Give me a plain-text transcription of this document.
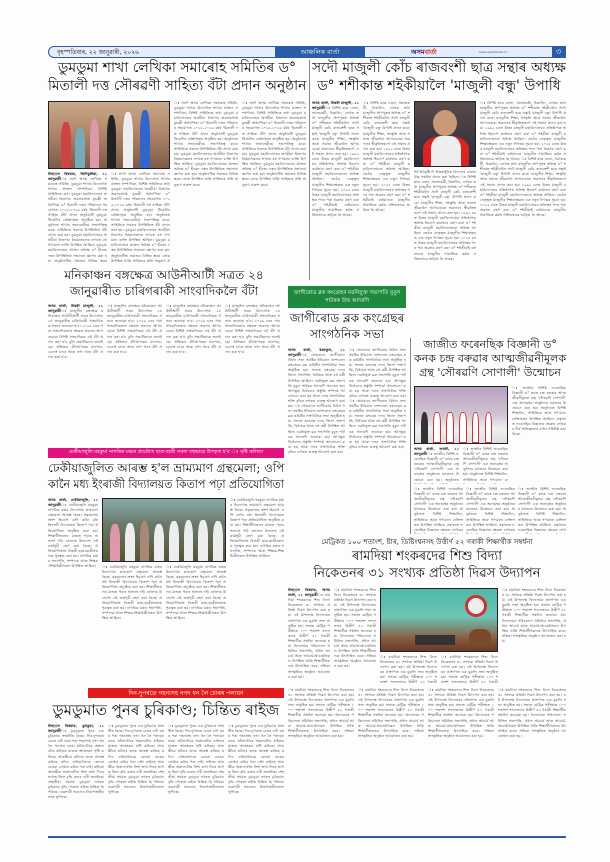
বৃহস্পতিবাৰ, ২২ জানুৱাৰী, ২০২৬	আঞ্চলিক বাৰ্তা	অসমবাৰ্তা	www.asambarta.in	৩
ডুমডুমা শাখা লেখিকা সমাৰোহ সমিতিৰ ড°
মিতালী দত্ত সৌৰৱণী সাহিত্য বঁটা প্ৰদান অনুষ্ঠান
উজ্জ্বল বিষয়াৰ, তিনিচুকীয়া, ২১ জানুৱাৰীঃ সদৌ অসম লেখিকা সমাৰোহ সমিতি, ডুমডুমা শাখাৰ উদ্যোগত শাখাৰ প্ৰাক্তন সম্পাদিকা, বিশিষ্ট সাহিত্যিক তথা ডুমডুমা মহাবিদ্যালয়ৰ অসমীয়া বিভাগৰ অৱসৰপ্ৰাপ্ত মুৰব্বী অধ্যাপিকা ড° মিতালী দত্তৰ পৰিয়ালৰ সহযোগত ২০২৫-২০২৬ বৰ্ষৰ 'মিতালী দত্ত সাহিত্য বঁটা' প্ৰদান অনুষ্ঠানটি ডুমডুমা থিয়েটাৰ প্ৰেক্ষাগৃহত অনুষ্ঠিত হয়। অনুষ্ঠানত শাখাৰ সভানেত্ৰীয়ে সভাপতিত্ব কৰে। সাহিত্যিক সকলৰ উপস্থিতিত বঁটা প্ৰদান কৰা হয়। ডুমডুমা মহাবিদ্যালয়ৰ অসমীয়া বিভাগৰ বিষয়াসকলৰ লগতে বহু গণ্যমান্য ব্যক্তি উপস্থিত আছিল। ডুমডুমা মহাবিদ্যালয়ৰ প্ৰাক্তন অধ্যক্ষ ড° হীৰেন দত্তৰ উপস্থিতিত সন্মাননা জ্ঞাপন কৰা হয়। অনুষ্ঠানটিত সমাজৰ বিভিন্ন স্তৰৰ
ঃ সদৌ অসম লেখিকা সমাৰোহ সমিতি, ডুমডুমা শাখাৰ উদ্যোগত শাখাৰ প্ৰাক্তন সম্পাদিকা, বিশিষ্ট সাহিত্যিক তথা ডুমডুমা মহাবিদ্যালয়ৰ অসমীয়া বিভাগৰ অৱসৰপ্ৰাপ্ত মুৰব্বী অধ্যাপিকা ড° মিতালী দত্তৰ পৰিয়ালৰ সহযোগত ২০২৫-২০২৬ বৰ্ষৰ 'মিতালী দত্ত সাহিত্য বঁটা' প্ৰদান অনুষ্ঠানটি ডুমডুমা থিয়েটাৰ প্ৰেক্ষাগৃহত অনুষ্ঠিত হয়। অনুষ্ঠানত শাখাৰ সভানেত্ৰীয়ে সভাপতিত্ব কৰে। সাহিত্যিক সকলৰ উপস্থিতিত বঁটা প্ৰদান কৰা হয়। ডুমডুমা মহাবিদ্যালয়ৰ অসমীয়া বিভাগৰ বিষয়াসকলৰ লগতে বহু গণ্যমান্য ব্যক্তি উপস্থিত আছিল। ডুমডুমা মহাবিদ্যালয়ৰ প্ৰাক্তন অধ্যক্ষ ড° হীৰেন দত্তৰ উপস্থিতিত সন্মাননা জ্ঞাপন কৰা হয়। অনুষ্ঠানটিত সমাজৰ বিভিন্ন স্তৰৰ লোক উপস্থিত থাকি সাহিত্যৰ প্ৰতি অনুৰাগ প্ৰ
ঃ সদৌ অসম লেখিকা সমাৰোহ সমিতি, ডুমডুমা শাখাৰ উদ্যোগত শাখাৰ প্ৰাক্তন সম্পাদিকা, বিশিষ্ট সাহিত্যিক তথা ডুমডুমা মহাবিদ্যালয়ৰ অসমীয়া বিভাগৰ অৱসৰপ্ৰাপ্ত মুৰব্বী অধ্যাপিকা ড° মিতালী দত্তৰ পৰিয়ালৰ সহযোগত ২০২৫-২০২৬ বৰ্ষৰ 'মিতালী দত্ত সাহিত্য বঁটা' প্ৰদান অনুষ্ঠানটি ডুমডুমা থিয়েটাৰ প্ৰেক্ষাগৃহত অনুষ্ঠিত হয়। অনুষ্ঠানত শাখাৰ সভানেত্ৰীয়ে সভাপতিত্ব কৰে। সাহিত্যিক সকলৰ উপস্থিতিত বঁটা প্ৰদান কৰা হয়। ডুমডুমা মহাবিদ্যালয়ৰ অসমীয়া বিভাগৰ বিষয়াসকলৰ লগতে বহু গণ্যমান্য ব্যক্তি উপস্থিত আছিল। ডুমডুমা মহাবিদ্যালয়ৰ প্ৰাক্তন অধ্যক্ষ ড° হীৰেন দত্তৰ উপস্থিতিত সন্মাননা জ্ঞাপন কৰা হয়। অনুষ্ঠানটিত সমাজৰ বিভিন্ন স্তৰৰ লোক উপস্থিত থাকি সাহিত্যৰ প্ৰতি অনুৰাগ প্ৰকাশ কৰে।
ঃ সদৌ অসম লেখিকা সমাৰোহ সমিতি, ডুমডুমা শাখাৰ উদ্যোগত শাখাৰ প্ৰাক্তন সম্পাদিকা, বিশিষ্ট সাহিত্যিক তথা ডুমডুমা মহাবিদ্যালয়ৰ অসমীয়া বিভাগৰ অৱসৰপ্ৰাপ্ত মুৰব্বী অধ্যাপিকা ড° মিতালী দত্তৰ পৰিয়ালৰ সহযোগত ২০২৫-২০২৬ বৰ্ষৰ 'মিতালী দত্ত সাহিত্য বঁটা' প্ৰদান অনুষ্ঠানটি ডুমডুমা থিয়েটাৰ প্ৰেক্ষাগৃহত অনুষ্ঠিত হয়। অনুষ্ঠানত শাখাৰ সভানেত্ৰীয়ে সভাপতিত্ব কৰে। সাহিত্যিক সকলৰ উপস্থিতিত বঁটা প্ৰদান কৰা হয়। ডুমডুমা মহাবিদ্যালয়ৰ অসমীয়া বিভাগৰ বিষয়াসকলৰ লগতে বহু গণ্যমান্য ব্যক্তি উপস্থিত আছিল। ডুমডুমা মহাবিদ্যালয়ৰ প্ৰাক্তন অধ্যক্ষ ড° হীৰেন দত্তৰ উপস্থিতিত সন্মাননা জ্ঞাপন কৰা হয়। অনুষ্ঠানটিত সমাজৰ বিভিন্ন স্তৰৰ লোক উপস্থিত থাকি সাহিত্যৰ প্ৰতি অনুৰাগ প্ৰকাশ কৰে।
সদৌ মাজুলী কোঁচ ৰাজবংশী ছাত্ৰ সন্থাৰ অধ্যক্ষ
ড° শশীকান্ত শইকীয়ালৈ 'মাজুলী বন্ধু' উপাধি
অসম বাৰ্তা, উত্তৰী মাজুলী, ২১ জানুৱাৰীঃ বিশিষ্ট ছাত্ৰ নেতা, সমাজকৰ্মী, চিন্তাবিদ, লেখক তথা মাজুলীৰ প্ৰাণপুৰুষ অধ্যক্ষ ড° শশীকান্ত শইকীয়ালৈ সদৌ মাজুলী কোঁচ ৰাজবংশী ছাত্ৰ সন্থাই 'মাজুলী বন্ধু' উপাধি প্ৰদান কৰে। মাজুলীৰ শিক্ষা, সংস্কৃতি আৰু সমাজ জীৱনলৈ আগবঢ়োৱা অৱদানৰ স্বীকৃতিস্বৰূপে এই সন্মান প্ৰদান কৰা হয়। ১৯৯২ চনত উত্তৰ মাজুলী মহাবিদ্যালয়ৰ প্ৰতিষ্ঠাপক অধ্যক্ষ হিচাপে কাৰ্যভাৰ গ্ৰহণ কৰা ড° শইকীয়া মাজুলী মহাবিদ্যালয়ৰো অধ্যক্ষ আছিল। তেওঁৰ নেতৃত্বত মাজুলীৰ শিক্ষাক্ষেত্ৰত এক নতুন দিগন্তৰ সূচনা হয়। ২০২৫ চনত উত্তৰ মাজুলী মহাবিদ্যালয়ৰ অধ্যক্ষৰ পদৰ পৰা অৱসৰ গ্ৰহণ কৰা ড° শইকীয়াই বৰ্তমানেও মাজুলীৰ সামাজিক কৰ্মত সক্ৰিয়ভাৱে জড়িত হৈ আছে।
ঃ বিশিষ্ট ছাত্ৰ নেতা, সমাজকৰ্মী, চিন্তাবিদ, লেখক তথা মাজুলীৰ প্ৰাণপুৰুষ অধ্যক্ষ ড° শশীকান্ত শইকীয়ালৈ সদৌ মাজুলী কোঁচ ৰাজবংশী ছাত্ৰ সন্থাই 'মাজুলী বন্ধু' উপাধি প্ৰদান কৰে। মাজুলীৰ শিক্ষা, সংস্কৃতি আৰু সমাজ জীৱনলৈ আগবঢ়োৱা অৱদানৰ স্বীকৃতিস্বৰূপে এই সন্মান প্ৰদান কৰা হয়। ১৯৯২ চনত উত্তৰ মাজুলী মহাবিদ্যালয়ৰ প্ৰতিষ্ঠাপক অধ্যক্ষ হিচাপে কাৰ্যভাৰ গ্ৰহণ কৰা ড° শইকীয়া মাজুলী মহাবিদ্যালয়ৰো অধ্যক্ষ আছিল। তেওঁৰ নেতৃত্বত মাজুলীৰ শিক্ষাক্ষেত্ৰত এক নতুন দিগন্তৰ সূচনা হয়। ২০২৫ চনত উত্তৰ মাজুলী মহাবিদ্যালয়ৰ অধ্যক্ষৰ পদৰ পৰা অৱসৰ গ্ৰহণ কৰা ড° শইকীয়াই বৰ্তমানেও মাজুলীৰ সামাজিক কৰ্মত সক্ৰিয়ভাৱে জড়িত হৈ আছে।
ধৰ্ম উৎকৃষ্টি দি উত্তৰাধুনিক বিদ্যালয় সেৱাৰ উচ্চ সম্বৰ্ধনা প্ৰদান কৰা হৈছিল। ঃ বিশিষ্ট ছাত্ৰ নেতা, সমাজকৰ্মী, চিন্তাবিদ, লেখক তথা মাজুলীৰ প্ৰাণপুৰুষ অধ্যক্ষ ড° শশীকান্ত শইকীয়ালৈ সদৌ মাজুলী কোঁচ ৰাজবংশী ছাত্ৰ সন্থাই 'মাজুলী বন্ধু' উপাধি প্ৰদান কৰে। মাজুলীৰ শিক্ষা, সংস্কৃতি আৰু সমাজ জীৱনলৈ আগবঢ়োৱা অৱদানৰ স্বীকৃতিস্বৰূপে এই সন্মান প্ৰদান কৰা হয়। ১৯৯২ চনত উত্তৰ মাজুলী মহাবিদ্যালয়ৰ প্ৰতিষ্ঠাপক অধ্যক্ষ হিচাপে কাৰ্যভাৰ গ্ৰহণ কৰা ড° শইকীয়া মাজুলী মহাবিদ্যালয়ৰো অধ্যক্ষ আছিল। তেওঁৰ নেতৃত্বত মাজুলীৰ শিক্ষাক্ষেত্ৰত এক নতুন দিগন্তৰ সূচনা হয়। ২০২৫ চনত উত্তৰ মাজুলী মহাবিদ্যালয়ৰ অধ্যক্ষৰ পদৰ পৰা অৱসৰ গ্ৰহণ কৰা ড° শইকীয়াই বৰ্তমানেও মাজুলীৰ সামাজিক কৰ্মত সক্ৰিয়ভাৱে জড়িত হৈ আছে।
ঃ বিশিষ্ট ছাত্ৰ নেতা, সমাজকৰ্মী, চিন্তাবিদ, লেখক তথা মাজুলীৰ প্ৰাণপুৰুষ অধ্যক্ষ ড° শশীকান্ত শইকীয়ালৈ সদৌ মাজুলী কোঁচ ৰাজবংশী ছাত্ৰ সন্থাই 'মাজুলী বন্ধু' উপাধি প্ৰদান কৰে। মাজুলীৰ শিক্ষা, সংস্কৃতি আৰু সমাজ জীৱনলৈ আগবঢ়োৱা অৱদানৰ স্বীকৃতিস্বৰূপে এই সন্মান প্ৰদান কৰা হয়। ১৯৯২ চনত উত্তৰ মাজুলী মহাবিদ্যালয়ৰ প্ৰতিষ্ঠাপক অধ্যক্ষ হিচাপে কাৰ্যভাৰ গ্ৰহণ কৰা ড° শইকীয়া মাজুলী মহাবিদ্যালয়ৰো অধ্যক্ষ আছিল। তেওঁৰ নেতৃত্বত মাজুলীৰ শিক্ষাক্ষেত্ৰত এক নতুন দিগন্তৰ সূচনা হয়। ২০২৫ চনত উত্তৰ মাজুলী মহাবিদ্যালয়ৰ অধ্যক্ষৰ পদৰ পৰা অৱসৰ গ্ৰহণ কৰা ড° শইকীয়াই বৰ্তমানেও মাজুলীৰ সামাজিক কৰ্মত সক্ৰিয়ভাৱে জড়িত হৈ আছে। ঃ বিশিষ্ট ছাত্ৰ নেতা, সমাজকৰ্মী, চিন্তাবিদ, লেখক তথা মাজুলীৰ প্ৰাণপুৰুষ অধ্যক্ষ ড° শশীকান্ত শইকীয়ালৈ সদৌ মাজুলী কোঁচ ৰাজবংশী ছাত্ৰ সন্থাই 'মাজুলী বন্ধু' উপাধি প্ৰদান কৰে। মাজুলীৰ শিক্ষা, সংস্কৃতি আৰু সমাজ জীৱনলৈ আগবঢ়োৱা অৱদানৰ স্বীকৃতিস্বৰূপে এই সন্মান প্ৰদান কৰা হয়। ১৯৯২ চনত উত্তৰ মাজুলী মহাবিদ্যালয়ৰ প্ৰতিষ্ঠাপক অধ্যক্ষ হিচাপে কাৰ্যভাৰ গ্ৰহণ কৰা ড° শইকীয়া মাজুলী মহাবিদ্যালয়ৰো অধ্যক্ষ আছিল। তেওঁৰ নেতৃত্বত মাজুলীৰ শিক্ষাক্ষেত্ৰত এক নতুন দিগন্তৰ সূচনা হয়। ২০২৫ চনত উত্তৰ মাজুলী মহাবিদ্যালয়ৰ অধ্যক্ষৰ পদৰ পৰা অৱসৰ গ্ৰহণ কৰা ড° শইকীয়াই বৰ্তমানেও মাজুলীৰ সামাজিক কৰ্মত সক্ৰিয়ভাৱে জড়িত হৈ আছে।
মনিকাঞ্চন বঙ্গক্ষেত্ৰ আউনীআটী সত্ৰত ২৪
জানুৱাৰীত চাৰিগৰাকী সাংবাদিকলৈ বঁটা
অসম বাৰ্তা, উত্তৰী মাজুলী, ২১ জানুৱাৰীঃ মাজুলীৰ বঙ্গক্ষেত্ৰ মনিকাঞ্চন আউনীআটী সত্ৰৰ উদ্যোগত ২৪ জানুৱাৰীত চাৰিগৰাকী সাংবাদিকক সন্মান জনোৱা হ'ব। ২০২৬ চনৰ পৰা সাংবাদিকতাৰ ক্ষেত্ৰত অৱদান আগবঢ়োৱা বিশিষ্ট সাংবাদিকক এই বঁটা প্ৰদান কৰা হ'ব বুলি সত্ৰাধিকাৰে জনাইছে। প্ৰতিজন বঁটাপ্ৰাপকক মানপত্ৰ, চেলেং চাদৰ আৰু নগদ ধনৰ বঁটা প্ৰদান কৰা হ'ব।
ঃ মাজুলীৰ বঙ্গক্ষেত্ৰ মনিকাঞ্চন আউনীআটী সত্ৰৰ উদ্যোগত ২৪ জানুৱাৰীত চাৰিগৰাকী সাংবাদিকক সন্মান জনোৱা হ'ব। ২০২৬ চনৰ পৰা সাংবাদিকতাৰ ক্ষেত্ৰত অৱদান আগবঢ়োৱা বিশিষ্ট সাংবাদিকক এই বঁটা প্ৰদান কৰা হ'ব বুলি সত্ৰাধিকাৰে জনাইছে। প্ৰতিজন বঁটাপ্ৰাপকক মানপত্ৰ, চেলেং চাদৰ আৰু নগদ ধনৰ বঁটা প্ৰদান কৰা হ'ব।
ঃ মাজুলীৰ বঙ্গক্ষেত্ৰ মনিকাঞ্চন আউনীআটী সত্ৰৰ উদ্যোগত ২৪ জানুৱাৰীত চাৰিগৰাকী সাংবাদিকক সন্মান জনোৱা হ'ব। ২০২৬ চনৰ পৰা সাংবাদিকতাৰ ক্ষেত্ৰত অৱদান আগবঢ়োৱা বিশিষ্ট সাংবাদিকক এই বঁটা প্ৰদান কৰা হ'ব বুলি সত্ৰাধিকাৰে জনাইছে। প্ৰতিজন বঁটাপ্ৰাপকক মানপত্ৰ, চেলেং চাদৰ আৰু নগদ ধনৰ বঁটা প্ৰদান কৰা হ'ব।
ঃ মাজুলীৰ বঙ্গক্ষেত্ৰ মনিকাঞ্চন আউনীআটী সত্ৰৰ উদ্যোগত ২৪ জানুৱাৰীত চাৰিগৰাকী সাংবাদিকক সন্মান জনোৱা হ'ব। ২০২৬ চনৰ পৰা সাংবাদিকতাৰ ক্ষেত্ৰত অৱদান আগবঢ়োৱা বিশিষ্ট সাংবাদিকক এই বঁটা প্ৰদান কৰা হ'ব বুলি সত্ৰাধিকাৰে জনাইছে। প্ৰতিজন বঁটাপ্ৰাপকক মানপত্ৰ, চেলেং চাদৰ আৰু নগদ ধনৰ বঁটা প্ৰদান কৰা হ'ব।
জাগীৰোড ব্লক কংগ্ৰেছৰ নৱনিযুক্ত সভাপতি বুবুল পাটৰক উষ্ম আদৰণি
জাগীৰোড ব্লক কংগ্ৰেছৰ
সাংগঠনিক সভা
অসম বাৰ্তা, ধৰমতুল, ২১ জানুৱাৰীঃ সোমবাৰে জাগীৰোড বিধান সভা সমষ্টিৰ ইণ্ডিয়ান ন্যাশ্যনেল কংগ্ৰেছৰ ব্লক কমিটিৰ সাংগঠনিক সভা অনুষ্ঠিত হয়। সভাত কংগ্ৰেছ দলৰ জিলা সভাপতি, বিধায়ক আৰু বহু কৰ্মী উপস্থিত আছিল। নৱনিযুক্ত ব্লক সভাপতি বুবুল পাটৰক আদৰণি জনোৱা হয়। আগন্তুক নিৰ্বাচনৰ প্ৰস্তুতি সম্পৰ্কে আলোচনা কৰা হয় আৰু দলৰ সাংগঠনিক শক্তি বৃদ্ধিৰ ওপৰত গুৰুত্ব আৰোপ কৰা হয়। ঃ সোমবাৰে জাগীৰোড বিধান সভা সমষ্টিৰ ইণ্ডিয়ান ন্যাশ্যনেল কংগ্ৰেছৰ ব্লক কমিটিৰ সাংগঠনিক সভা অনুষ্ঠিত হয়। সভাত কংগ্ৰেছ দলৰ জিলা সভাপতি, বিধায়ক আৰু বহু কৰ্মী উপস্থিত আছিল। নৱনিযুক্ত ব্লক সভাপতি বুবুল পাটৰক আদৰণি জনোৱা হয়। আগন্তুক নিৰ্বাচনৰ প্ৰস্তুতি সম্পৰ্কে আলোচনা কৰা হয় আৰু দলৰ সাংগঠনিক শক্তি বৃদ্ধিৰ ওপৰত গুৰুত্ব আৰোপ কৰা হয়।
ঃ সোমবাৰে জাগীৰোড বিধান সভা সমষ্টিৰ ইণ্ডিয়ান ন্যাশ্যনেল কংগ্ৰেছৰ ব্লক কমিটিৰ সাংগঠনিক সভা অনুষ্ঠিত হয়। সভাত কংগ্ৰেছ দলৰ জিলা সভাপতি, বিধায়ক আৰু বহু কৰ্মী উপস্থিত আছিল। নৱনিযুক্ত ব্লক সভাপতি বুবুল পাটৰক আদৰণি জনোৱা হয়। আগন্তুক নিৰ্বাচনৰ প্ৰস্তুতি সম্পৰ্কে আলোচনা কৰা হয় আৰু দলৰ সাংগঠনিক শক্তি বৃদ্ধিৰ ওপৰত গুৰুত্ব আৰোপ কৰা হয়। ঃ সোমবাৰে জাগীৰোড বিধান সভা সমষ্টিৰ ইণ্ডিয়ান ন্যাশ্যনেল কংগ্ৰেছৰ ব্লক কমিটিৰ সাংগঠনিক সভা অনুষ্ঠিত হয়। সভাত কংগ্ৰেছ দলৰ জিলা সভাপতি, বিধায়ক আৰু বহু কৰ্মী উপস্থিত আছিল। নৱনিযুক্ত ব্লক সভাপতি বুবুল পাটৰক আদৰণি জনোৱা হয়। আগন্তুক নিৰ্বাচনৰ প্ৰস্তুতি সম্পৰ্কে আলোচনা কৰা হয় আৰু দলৰ সাংগঠনিক শক্তি বৃদ্ধিৰ ওপৰত গুৰুত্ব আৰোপ কৰা হয়।
জাজীত ফৰেনছিক বিজ্ঞানী ড°
কনক চন্দ্ৰ বৰুৱাৰ আত্মজীৱনীমূলক
গ্ৰন্থ 'সৌৰৱণি সোণালী' উন্মোচন
ঃ জাজীৰ বিশিষ্ট ফৰেনছিক বিজ্ঞানী ড° কনক চন্দ্ৰ বৰুৱাৰ আত্মজীৱনীমূলক গ্ৰন্থ 'সৌৰৱণি সোণালী' এক অনাড়ম্বৰ অনুষ্ঠানৰ মাজেৰে উন্মোচন কৰা হয়। অনুষ্ঠানত বিশিষ্ট শিক্ষাবিদ, সাহিত্যিক আৰু গণ্যমান্য ব্যক্তিসকল উপস্থিত আছিল। গ্ৰন্থখনত ফৰেনছিক বিজ্ঞানৰ ক্ষেত্ৰত লেখকৰ দীৰ্ঘ অভিজ্ঞতাৰ বৰ্ণনা সন্নিবিষ্ট কৰা হৈছে।
অসম বাৰ্তা, জাজী, ২১ জানুৱাৰীঃ জাজীৰ বিশিষ্ট ফৰেনছিক বিজ্ঞানী ড° কনক চন্দ্ৰ বৰুৱাৰ আত্মজীৱনীমূলক গ্ৰন্থ 'সৌৰৱণি সোণালী' এক অনাড়ম্বৰ অনুষ্ঠানৰ মাজেৰে উন্মোচন কৰা হয়। অনুষ্ঠানত
ঃ জাজীৰ বিশিষ্ট ফৰেনছিক বিজ্ঞানী ড° কনক চন্দ্ৰ বৰুৱাৰ আত্মজীৱনীমূলক গ্ৰন্থ 'সৌৰৱণি সোণালী' এক অনাড়ম্বৰ অনুষ্ঠানৰ মাজেৰে উন্মোচন কৰা হয়। অনুষ্ঠানত বিশিষ্ট শিক্ষাবিদ, সাহিত্যিক আৰু গণ্যমান্য ব্য
ঃ জাজীৰ বিশিষ্ট ফৰেনছিক বিজ্ঞানী ড° কনক চন্দ্ৰ বৰুৱাৰ আত্মজীৱনীমূলক গ্ৰন্থ 'সৌৰৱণি সোণালী' এক অনাড়ম্বৰ অনুষ্ঠানৰ মাজেৰে উন্মোচন কৰা হয়। অনুষ্ঠানত বিশিষ্ট শিক্ষাবিদ, সাহিত্যিক আৰু গণ্যমান্য ব্যক্তিসকল উপস্থিত আছিল। গ্ৰন্থখনত ফৰেনছিক বিজ্ঞানৰ ক্ষেত্ৰত লেখকৰ
ঃ জাজীৰ বিশিষ্ট ফৰেনছিক বিজ্ঞানী ড° কনক চন্দ্ৰ বৰুৱাৰ আত্মজীৱনীমূলক গ্ৰন্থ 'সৌৰৱণি সোণালী' এক অনাড়ম্বৰ অনুষ্ঠানৰ মাজেৰে উন্মোচন কৰা হয়। অনুষ্ঠানত বিশিষ্ট শিক্ষাবিদ, সাহিত্যিক আৰু গণ্যমান্য ব্যক্তিসকল উপস্থিত আছিল। গ্ৰন্থখনত ফৰেনছিক বিজ্ঞানৰ ক্ষেত্ৰত লেখকৰ
ঃ জাজীৰ বিশিষ্ট ফৰেনছিক বিজ্ঞানী ড° কনক চন্দ্ৰ বৰুৱাৰ আত্মজীৱনীমূলক গ্ৰন্থ 'সৌৰৱণি সোণালী' এক অনাড়ম্বৰ অনুষ্ঠানৰ মাজেৰে উন্মোচন কৰা হয়। অনুষ্ঠানত বিশিষ্ট শিক্ষাবিদ, সাহিত্যিক আৰু গণ্যমান্য ব্যক্তিসকল উপস্থিত আছিল। গ্ৰন্থখনত ফৰেনছিক বিজ্ঞানৰ ক্ষেত্ৰত লেখ
ঢেকীয়াজুলি মহকুমা নাগৰিক মঞ্চৰ প্ৰচেষ্টাত ছাত্ৰ-ছাত্ৰী সকল বহুভাৱে উপকৃত হ'ব ঃ সৃষ্টি কলিতা
ঢেকীয়াজুলিত আৰম্ভ হ'ল ভ্ৰাম্যমাণ গ্ৰন্থমেলা; ওপি
কানৈ মধ্য ইংৰাজী বিদ্যালয়ত কিতাপ পঢ়া প্ৰতিযোগিতা
অসম বাৰ্তা, ঢেকীয়াজুলি, ২১ জানুৱাৰীঃ ঢেকীয়াজুলি মহকুমা নাগৰিক মঞ্চৰ উদ্যোগত ভ্ৰাম্যমাণ গ্ৰন্থমেলা আৰম্ভ হৈছে। গ্ৰন্থমেলাৰ অংশ হিচাপে ওপি কানৈ মধ্য ইংৰাজী বিদ্যালয়ত কিতাপ পঢ়া প্ৰতিযোগিতা অনুষ্ঠিত কৰা হয়। শিক্ষাৰ্থীসকলৰ মাজত পঢ়াৰ অভ্যাস গঢ়ি তোলাৰ উদ্দেশ্যে এই কাৰ্যসূচী গ্ৰহণ কৰা হৈছে। প্ৰতিযোগিতাত বিজয়ী ছাত্ৰ-ছাত্ৰীসকলক পুৰস্কৃত কৰা হয়। নাগৰিক মঞ্চৰ সভাপতি, সম্পাদক আৰু শিক্ষক-শিক্ষয়িত্ৰীসকল উপস্থিত আছিল।	ঃ ঢেকীয়াজুলি মহকুমা নাগৰিক মঞ্চৰ উদ্যোগত ভ্ৰাম্যমাণ গ্ৰন্থমেলা আৰম্ভ হৈছে। গ্ৰন্থমেলাৰ অংশ হিচাপে ওপি কানৈ মধ্য ইংৰাজী বিদ্যালয়ত কিতাপ পঢ়া প্ৰতিযোগিতা অনুষ্ঠিত কৰা হয়। শিক্ষাৰ্থীসকলৰ মাজত পঢ়াৰ অভ্যাস গঢ়ি তোলাৰ উদ্দেশ্যে এই কাৰ্যসূচী গ্ৰহণ কৰা হৈছে। প্ৰতিযোগিতাত বিজয়ী ছাত্ৰ-ছাত্ৰীসকলক পুৰস্কৃত কৰা হয়। নাগৰিক মঞ্চৰ সভাপতি, সম্পাদক আৰু শিক্ষক-শিক্ষয়িত্ৰীসকল উপস্থিত আছিল।
ঃ ঢেকীয়াজুলি মহকুমা নাগৰিক মঞ্চৰ উদ্যোগত ভ্ৰাম্যমাণ গ্ৰন্থমেলা আৰম্ভ হৈছে। গ্ৰন্থমেলাৰ অংশ হিচাপে ওপি কানৈ মধ্য ইংৰাজী বিদ্যালয়ত কিতাপ পঢ়া প্ৰতিযোগিতা অনুষ্ঠিত কৰা হয়। শিক্ষাৰ্থীসকলৰ মাজত পঢ়াৰ অভ্যাস গঢ়ি তোলাৰ উদ্দেশ্যে এই কাৰ্যসূচী গ্ৰহণ কৰা হৈছে। প্ৰতিযোগিতাত বিজয়ী ছাত্ৰ-ছাত্ৰীসকলক পুৰস্কৃত কৰা হয়। নাগৰিক মঞ্চৰ সভাপতি, সম্পাদক আৰু শিক্ষক-শিক্ষয়িত্ৰীসকল উপস্থিত আছিল।
ঃ ঢেকীয়াজুলি মহকুমা নাগৰিক মঞ্চৰ উদ্যোগত ভ্ৰাম্যমাণ গ্ৰন্থমেলা আৰম্ভ হৈছে। গ্ৰন্থমেলাৰ অংশ হিচাপে ওপি কানৈ মধ্য ইংৰাজী বিদ্যালয়ত কিতাপ পঢ়া প্ৰতিযোগিতা অনুষ্ঠিত কৰা হয়। শিক্ষাৰ্থীসকলৰ মাজত পঢ়াৰ অভ্যাস গঢ়ি তোলাৰ উদ্দেশ্যে এই কাৰ্যসূচী গ্ৰহণ কৰা হৈছে। প্ৰতিযোগিতাত বিজয়ী ছাত্ৰ-ছাত্ৰীসকলক পুৰস্কৃত কৰা হয়। নাগৰিক মঞ্চৰ সভাপতি, সম্পাদক আৰু শিক্ষক-শিক্ষয়িত্ৰীসকল উপস্থিত আছিল।
মেট্ৰিকত ১০০ শতাংশ, ষ্টাৰ, ডিষ্টিংশ্বনসহ উত্তীৰ্ণ ৫২ গৰাকী শিক্ষাৰ্থীক সম্বৰ্ধনা
ৰামদিয়া শংকৰদেৱ শিশু বিদ্যা
নিকেতনৰ ৩১ সংখ্যক প্ৰতিষ্ঠা দিৱস উদ্যাপন
উজ্জ্বল বিষয়াৰ, অসম বাৰ্তা, ২১ জানুৱাৰীঃ ৰামদিয়া শংকৰদেৱ শিশু বিদ্যা নিকেতনৰ ৩১ সংখ্যক প্ৰতিষ্ঠা দিৱস উদ্যাপন কৰা হয়। এই উপলক্ষে বিদ্যালয়ৰ প্ৰাংগণত এক মুকলি সভা অনুষ্ঠিত হয়। সভাত মেট্ৰিক পৰীক্ষাত ১০০ শতাংশ সফলতাৰে উত্তীৰ্ণ ৫২ গৰাকী শিক্ষাৰ্থীক সম্বৰ্ধনা জনোৱা হয়। বিদ্যালয়ৰ পৰিচালনা সমিতিৰ সভাপতি, প্ৰধান আচাৰ্য আৰু আচাৰ্য-আচাৰ্যাসকল উপস্থিত থাকি শিক্ষাৰ্থীসকলক উৎসাহিত কৰে। সন্ধিয়া সাংস্কৃতিক অনুষ্ঠান আয়োজন কৰা হয়।
ঃ ৰামদিয়া শংকৰদেৱ শিশু বিদ্যা নিকেতনৰ ৩১ সংখ্যক প্ৰতিষ্ঠা দিৱস উদ্যাপন কৰা হয়। এই উপলক্ষে বিদ্যালয়ৰ প্ৰাংগণত এক মুকলি সভা অনুষ্ঠিত হয়। সভাত মেট্ৰিক পৰীক্ষাত ১০০ শতাংশ সফলতাৰে উত্তীৰ্ণ ৫২ গৰাকী শিক্ষাৰ্থীক সম্বৰ্ধনা জনোৱা হয়। বিদ্যালয়ৰ পৰিচালনা সমিতিৰ সভাপতি, প্ৰধান আচাৰ্য আৰু আচাৰ্য-আচাৰ্যাসকল উপস্থিত থাকি শিক্ষাৰ্থীসকলক উৎসাহিত কৰে। সন্ধিয়া সাংস্কৃতিক অনুষ্ঠান আয়োজন কৰা হয়।
ঃ ৰামদিয়া শংকৰদেৱ শিশু বিদ্যা নিকেতনৰ ৩১ সংখ্যক প্ৰতিষ্ঠা দিৱস উদ্যাপন কৰা হয়। এই উপলক্ষে বিদ্যালয়ৰ প্ৰাংগণত এক মুকলি সভা অনুষ্ঠিত হয়। সভাত মেট্ৰিক পৰীক্ষাত ১০০ শতাংশ সফলতাৰে উত্তীৰ্ণ ৫২ গৰাকী
ঃ ৰামদিয়া শংকৰদেৱ শিশু বিদ্যা নিকেতনৰ ৩১ সংখ্যক প্ৰতিষ্ঠা দিৱস উদ্যাপন কৰা হয়। এই উপলক্ষে বিদ্যালয়ৰ প্ৰাংগণত এক মুকলি সভা অনুষ্ঠিত হয়। সভাত মেট্ৰিক পৰীক্ষাত ১০০ শতাংশ সফলতাৰে উত্তীৰ্ণ ৫২ গৰাকী
ঃ ৰামদিয়া শংকৰদেৱ শিশু বিদ্যা নিকেতনৰ ৩১ সংখ্যক প্ৰতিষ্ঠা দিৱস উদ্যাপন কৰা হয়। এই উপলক্ষে বিদ্যালয়ৰ প্ৰাংগণত এক মুকলি সভা অনুষ্ঠিত হয়। সভাত মেট্ৰিক পৰীক্ষাত ১০০ শতাংশ সফলতাৰে উত্তীৰ্ণ ৫২ গৰাকী শিক্ষাৰ্থীক সম্বৰ্ধনা জনোৱা হয়। বিদ্যালয়ৰ পৰিচালনা সমিতিৰ সভাপতি, প্ৰধান আচাৰ্য আৰু আচাৰ্য-আচাৰ্যাসকল উপস্থিত থাকি শিক্ষাৰ্থীসকলক উৎসাহিত কৰে। সন্ধিয়া সাংস্কৃতিক অনুষ্ঠান আয়োজন কৰা হয়।
দিন-দুপৰতে গহনাসহ নগদ ধন লৈ চোৰৰ পলায়ন
ডুমডুমাত পুনৰ চুৰিকাণ্ড; চিন্তিত ৰাইজ
উজ্জ্বল বিষয়াৰ, ডুমডুমা, ২১ জানুৱাৰীঃ ডুমডুমাত পুনৰ এক চুৰিকাণ্ড সংঘটিত হৈছে। দিন-দুপৰতে চোৰে এটা ঘৰৰ পৰা গহনাসহ নগদ ধন লৈ পলায়ন কৰে। ঘটনাটোৱে অঞ্চলটোৰ ৰাইজৰ মাজত আতংকৰ সৃষ্টি কৰিছে। আৰক্ষীয়ে ঘটনাৰ তদন্ত আৰম্ভ কৰিছে যদিও এতিয়ালৈকে কোনো চোৰক গ্ৰেপ্তাৰ কৰিব পৰা নাই। ৰাইজে আৰক্ষীক অঞ্চলটোত নিশা তথা দিনৰ ভাগত টহল বৃদ্ধি কৰাৰ দাবী জনাইছে। শেহতীয়া সময়ত ডুমডুমা নগৰত চুৰিকাণ্ড বৃদ্ধি পোৱাত ৰাইজ চিন্তিত হৈ পৰিছে। ব্যৱসায়ী সকলেও নিৰাপত্তাহীনতাত ভুগিছে।
ঃ ডুমডুমাত পুনৰ এক চুৰিকাণ্ড সংঘটিত হৈছে। দিন-দুপৰতে চোৰে এটা ঘৰৰ পৰা গহনাসহ নগদ ধন লৈ পলায়ন কৰে। ঘটনাটোৱে অঞ্চলটোৰ ৰাইজৰ মাজত আতংকৰ সৃষ্টি কৰিছে। আৰক্ষীয়ে ঘটনাৰ তদন্ত আৰম্ভ কৰিছে যদিও এতিয়ালৈকে কোনো চোৰক গ্ৰেপ্তাৰ কৰিব পৰা নাই। ৰাইজে আৰক্ষীক অঞ্চলটোত নিশা তথা দিনৰ ভাগত টহল বৃদ্ধি কৰাৰ দাবী জনাইছে। শেহতীয়া সময়ত ডুমডুমা নগৰত চুৰিকাণ্ড বৃদ্ধি পোৱাত ৰাইজ চিন্তিত হৈ পৰিছে। ব্যৱসায়ী সকলেও নিৰাপত্তাহীনতাত ভুগিছে।
ঃ ডুমডুমাত পুনৰ এক চুৰিকাণ্ড সংঘটিত হৈছে। দিন-দুপৰতে চোৰে এটা ঘৰৰ পৰা গহনাসহ নগদ ধন লৈ পলায়ন কৰে। ঘটনাটোৱে অঞ্চলটোৰ ৰাইজৰ মাজত আতংকৰ সৃষ্টি কৰিছে। আৰক্ষীয়ে ঘটনাৰ তদন্ত আৰম্ভ কৰিছে যদিও এতিয়ালৈকে কোনো চোৰক গ্ৰেপ্তাৰ কৰিব পৰা নাই। ৰাইজে আৰক্ষীক অঞ্চলটোত নিশা তথা দিনৰ ভাগত টহল বৃদ্ধি কৰাৰ দাবী জনাইছে। শেহতীয়া সময়ত ডুমডুমা নগৰত চুৰিকাণ্ড বৃদ্ধি পোৱাত ৰাইজ চিন্তিত হৈ পৰিছে। ব্যৱসায়ী সকলেও নিৰাপত্তাহীনতাত ভুগিছে।
ঃ ডুমডুমাত পুনৰ এক চুৰিকাণ্ড সংঘটিত হৈছে। দিন-দুপৰতে চোৰে এটা ঘৰৰ পৰা গহনাসহ নগদ ধন লৈ পলায়ন কৰে। ঘটনাটোৱে অঞ্চলটোৰ ৰাইজৰ মাজত আতংকৰ সৃষ্টি কৰিছে। আৰক্ষীয়ে ঘটনাৰ তদন্ত আৰম্ভ কৰিছে যদিও এতিয়ালৈকে কোনো চোৰক গ্ৰেপ্তাৰ কৰিব পৰা নাই। ৰাইজে আৰক্ষীক অঞ্চলটোত নিশা তথা দিনৰ ভাগত টহল বৃদ্ধি কৰাৰ দাবী জনাইছে। শেহতীয়া সময়ত ডুমডুমা নগৰত চুৰিকাণ্ড বৃদ্ধি পোৱাত ৰাইজ চিন্তিত হৈ পৰিছে। ব্যৱসায়ী সকলেও নিৰাপত্তাহীনতাত ভুগিছে।
ঃ ৰামদিয়া শংকৰদেৱ শিশু বিদ্যা নিকেতনৰ ৩১ সংখ্যক প্ৰতিষ্ঠা দিৱস উদ্যাপন কৰা হয়। এই উপলক্ষে বিদ্যালয়ৰ প্ৰাংগণত এক মুকলি সভা অনুষ্ঠিত হয়। সভাত মেট্ৰিক পৰীক্ষাত ১০০ শতাংশ সফলতাৰে উত্তীৰ্ণ ৫২ গৰাকী শিক্ষাৰ্থীক সম্বৰ্ধনা জনোৱা হয়। বিদ্যালয়ৰ পৰিচালনা সমিতিৰ সভাপতি, প্ৰধান আচাৰ্য আৰু আচাৰ্য-আচাৰ্যাসকল উপস্থিত থাকি শিক্ষাৰ্থীসকলক উৎসাহিত কৰে। সন্ধিয়া সাংস্কৃতিক অনুষ্ঠান আয়োজন কৰা হয়।
ঃ ৰামদিয়া শংকৰদেৱ শিশু বিদ্যা নিকেতনৰ ৩১ সংখ্যক প্ৰতিষ্ঠা দিৱস উদ্যাপন কৰা হয়। এই উপলক্ষে বিদ্যালয়ৰ প্ৰাংগণত এক মুকলি সভা অনুষ্ঠিত হয়। সভাত মেট্ৰিক পৰীক্ষাত ১০০ শতাংশ সফলতাৰে উত্তীৰ্ণ ৫২ গৰাকী শিক্ষাৰ্থীক সম্বৰ্ধনা জনোৱা হয়। বিদ্যালয়ৰ পৰিচালনা সমিতিৰ সভাপতি, প্ৰধান আচাৰ্য আৰু আচাৰ্য-আচাৰ্যাসকল উপস্থিত থাকি শিক্ষাৰ্থীসকলক উৎসাহিত কৰে। সন্ধিয়া সাংস্কৃতিক অনুষ্ঠান আয়োজন কৰা হয়।
ঃ ৰামদিয়া শংকৰদেৱ শিশু বিদ্যা নিকেতনৰ ৩১ সংখ্যক প্ৰতিষ্ঠা দিৱস উদ্যাপন কৰা হয়। এই উপলক্ষে বিদ্যালয়ৰ প্ৰাংগণত এক মুকলি সভা অনুষ্ঠিত হয়। সভাত মেট্ৰিক পৰীক্ষাত ১০০ শতাংশ সফলতাৰে উত্তীৰ্ণ ৫২ গৰাকী শিক্ষাৰ্থীক সম্বৰ্ধনা জনোৱা হয়। বিদ্যালয়ৰ পৰিচালনা সমিতিৰ সভাপতি, প্ৰধান আচাৰ্য আৰু আচাৰ্য-আচাৰ্যাসকল উপস্থিত থাকি শিক্ষাৰ্থীসকলক উৎসাহিত কৰে। সন্ধিয়া সাংস্কৃতিক অনুষ্ঠান আয়োজন কৰা হয়।
ঃ ৰামদিয়া শংকৰদেৱ শিশু বিদ্যা নিকেতনৰ ৩১ সংখ্যক প্ৰতিষ্ঠা দিৱস উদ্যাপন কৰা হয়। এই উপলক্ষে বিদ্যালয়ৰ প্ৰাংগণত এক মুকলি সভা অনুষ্ঠিত হয়। সভাত মেট্ৰিক পৰীক্ষাত ১০০ শতাংশ সফলতাৰে উত্তীৰ্ণ ৫২ গৰাকী শিক্ষাৰ্থীক সম্বৰ্ধনা জনোৱা হয়। বিদ্যালয়ৰ পৰিচালনা সমিতিৰ সভাপতি, প্ৰধান আচাৰ্য আৰু আচাৰ্য-আচাৰ্যাসকল উপস্থিত থাকি শিক্ষাৰ্থীসকলক উৎসাহিত কৰে। সন্ধিয়া সাংস্কৃতিক অনুষ্ঠান আয়োজন কৰা হয়।
